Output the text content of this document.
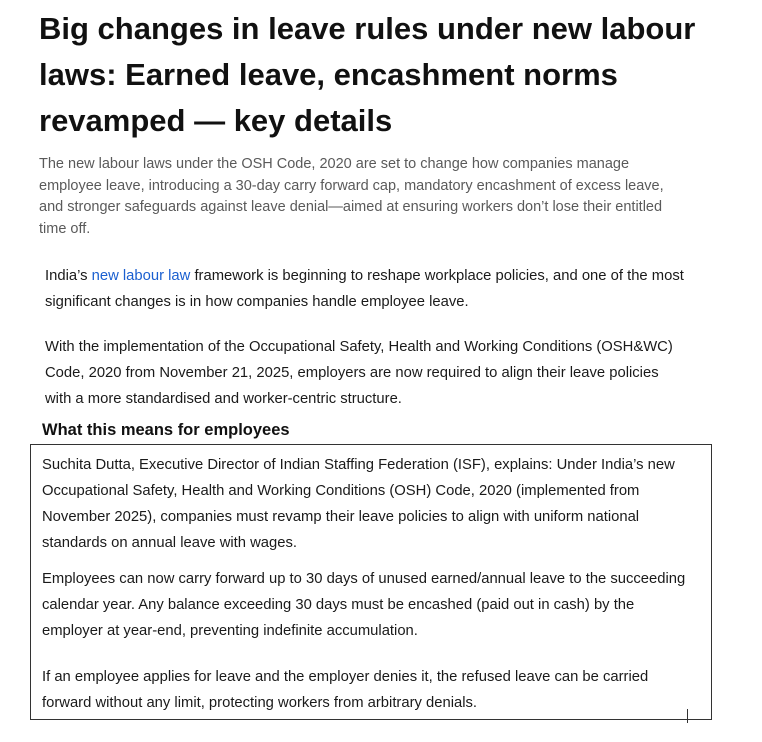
Big changes in leave rules under new labour laws: Earned leave, encashment norms revamped — key details

The new labour laws under the OSH Code, 2020 are set to change how companies manage employee leave, introducing a 30-day carry forward cap, mandatory encashment of excess leave, and stronger safeguards against leave denial—aimed at ensuring workers don’t lose their entitled time off.

India’s new labour law framework is beginning to reshape workplace policies, and one of the most significant changes is in how companies handle employee leave.

With the implementation of the Occupational Safety, Health and Working Conditions (OSH&WC) Code, 2020 from November 21, 2025, employers are now required to align their leave policies with a more standardised and worker-centric structure.

What this means for employees

Suchita Dutta, Executive Director of Indian Staffing Federation (ISF), explains: Under India’s new Occupational Safety, Health and Working Conditions (OSH) Code, 2020 (implemented from November 2025), companies must revamp their leave policies to align with uniform national standards on annual leave with wages.

Employees can now carry forward up to 30 days of unused earned/annual leave to the succeeding calendar year. Any balance exceeding 30 days must be encashed (paid out in cash) by the employer at year-end, preventing indefinite accumulation.

If an employee applies for leave and the employer denies it, the refused leave can be carried forward without any limit, protecting workers from arbitrary denials.
